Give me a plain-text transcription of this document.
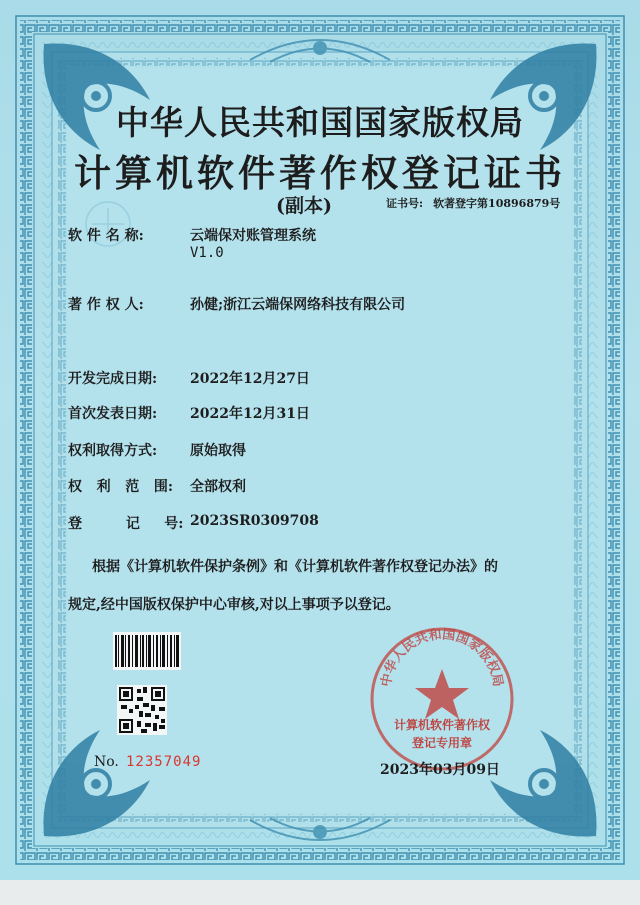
中华人民共和国国家版权局
计算机软件著作权登记证书
(副本)	证书号: 软著登字第10896879号
软 件 名 称:	云端保对账管理系统
V1.0
著 作 权 人:	孙健;浙江云端保网络科技有限公司
开发完成日期: 2022年12月27日
首次发表日期: 2022年12月31日
权利取得方式: 原始取得
权   利   范   围: 全部权利
登         记     号: 2023SR0309708
根据《计算机软件保护条例》和《计算机软件著作权登记办法》的
规定,经中国版权保护中心审核,对以上事项予以登记。
No. 12357049
中华人民共和国国家版权局
计算机软件著作权
登记专用章
2023年03月09日
